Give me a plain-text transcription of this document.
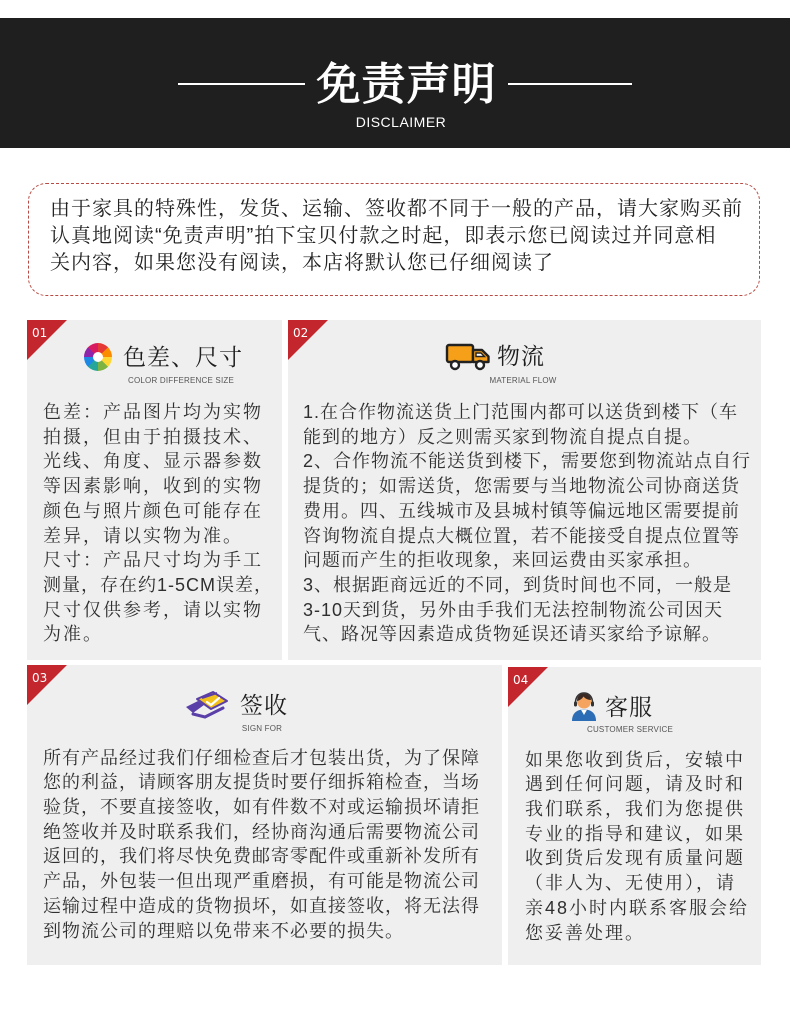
免责声明
DISCLAIMER
由于家具的特殊性，发货、运输、签收都不同于一般的产品，请大家购买前
认真地阅读“免责声明”拍下宝贝付款之时起，即表示您已阅读过并同意相
关内容，如果您没有阅读，本店将默认您已仔细阅读了
01
色差、尺寸
COLOR DIFFERENCE SIZE
色差：产品图片均为实物
拍摄，但由于拍摄技术、
光线、角度、显示器参数
等因素影响，收到的实物
颜色与照片颜色可能存在
差异，请以实物为准。
尺寸：产品尺寸均为手工
测量，存在约1-5CM误差，
尺寸仅供参考，请以实物
为准。
02
物流
MATERIAL FLOW
1.在合作物流送货上门范围内都可以送货到楼下（车
能到的地方）反之则需买家到物流自提点自提。
2、合作物流不能送货到楼下，需要您到物流站点自行
提货的；如需送货，您需要与当地物流公司协商送货
费用。四、五线城市及县城村镇等偏远地区需要提前
咨询物流自提点大概位置，若不能接受自提点位置等
问题而产生的拒收现象，来回运费由买家承担。
3、根据距商远近的不同，到货时间也不同，一般是
3-10天到货，另外由手我们无法控制物流公司因天
气、路况等因素造成货物延误还请买家给予谅解。
03
签收
SIGN FOR
所有产品经过我们仔细检查后才包装出货，为了保障
您的利益，请顾客朋友提货时要仔细拆箱检查，当场
验货，不要直接签收，如有件数不对或运输损坏请拒
绝签收并及时联系我们，经协商沟通后需要物流公司
返回的，我们将尽快免费邮寄零配件或重新补发所有
产品，外包装一但出现严重磨损，有可能是物流公司
运输过程中造成的货物损坏，如直接签收，将无法得
到物流公司的理赔以免带来不必要的损失。
04
客服
CUSTOMER SERVICE
如果您收到货后，安辕中
遇到任何问题，请及时和
我们联系，我们为您提供
专业的指导和建议，如果
收到货后发现有质量问题
（非人为、无使用），请
亲48小时内联系客服会给
您妥善处理。
